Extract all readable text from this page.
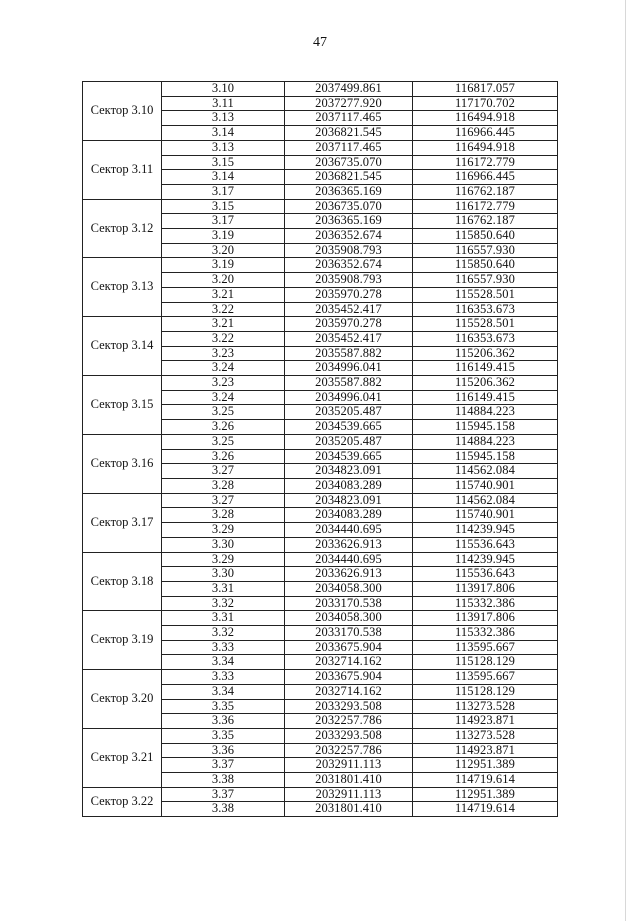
47
Сектор 3.10	3.10	2037499.861	116817.057
	3.11	2037277.920	117170.702
	3.13	2037117.465	116494.918
	3.14	2036821.545	116966.445
Сектор 3.11	3.13	2037117.465	116494.918
	3.15	2036735.070	116172.779
	3.14	2036821.545	116966.445
	3.17	2036365.169	116762.187
Сектор 3.12	3.15	2036735.070	116172.779
	3.17	2036365.169	116762.187
	3.19	2036352.674	115850.640
	3.20	2035908.793	116557.930
Сектор 3.13	3.19	2036352.674	115850.640
	3.20	2035908.793	116557.930
	3.21	2035970.278	115528.501
	3.22	2035452.417	116353.673
Сектор 3.14	3.21	2035970.278	115528.501
	3.22	2035452.417	116353.673
	3.23	2035587.882	115206.362
	3.24	2034996.041	116149.415
Сектор 3.15	3.23	2035587.882	115206.362
	3.24	2034996.041	116149.415
	3.25	2035205.487	114884.223
	3.26	2034539.665	115945.158
Сектор 3.16	3.25	2035205.487	114884.223
	3.26	2034539.665	115945.158
	3.27	2034823.091	114562.084
	3.28	2034083.289	115740.901
Сектор 3.17	3.27	2034823.091	114562.084
	3.28	2034083.289	115740.901
	3.29	2034440.695	114239.945
	3.30	2033626.913	115536.643
Сектор 3.18	3.29	2034440.695	114239.945
	3.30	2033626.913	115536.643
	3.31	2034058.300	113917.806
	3.32	2033170.538	115332.386
Сектор 3.19	3.31	2034058.300	113917.806
	3.32	2033170.538	115332.386
	3.33	2033675.904	113595.667
	3.34	2032714.162	115128.129
Сектор 3.20	3.33	2033675.904	113595.667
	3.34	2032714.162	115128.129
	3.35	2033293.508	113273.528
	3.36	2032257.786	114923.871
Сектор 3.21	3.35	2033293.508	113273.528
	3.36	2032257.786	114923.871
	3.37	2032911.113	112951.389
	3.38	2031801.410	114719.614
Сектор 3.22	3.37	2032911.113	112951.389
	3.38	2031801.410	114719.614
